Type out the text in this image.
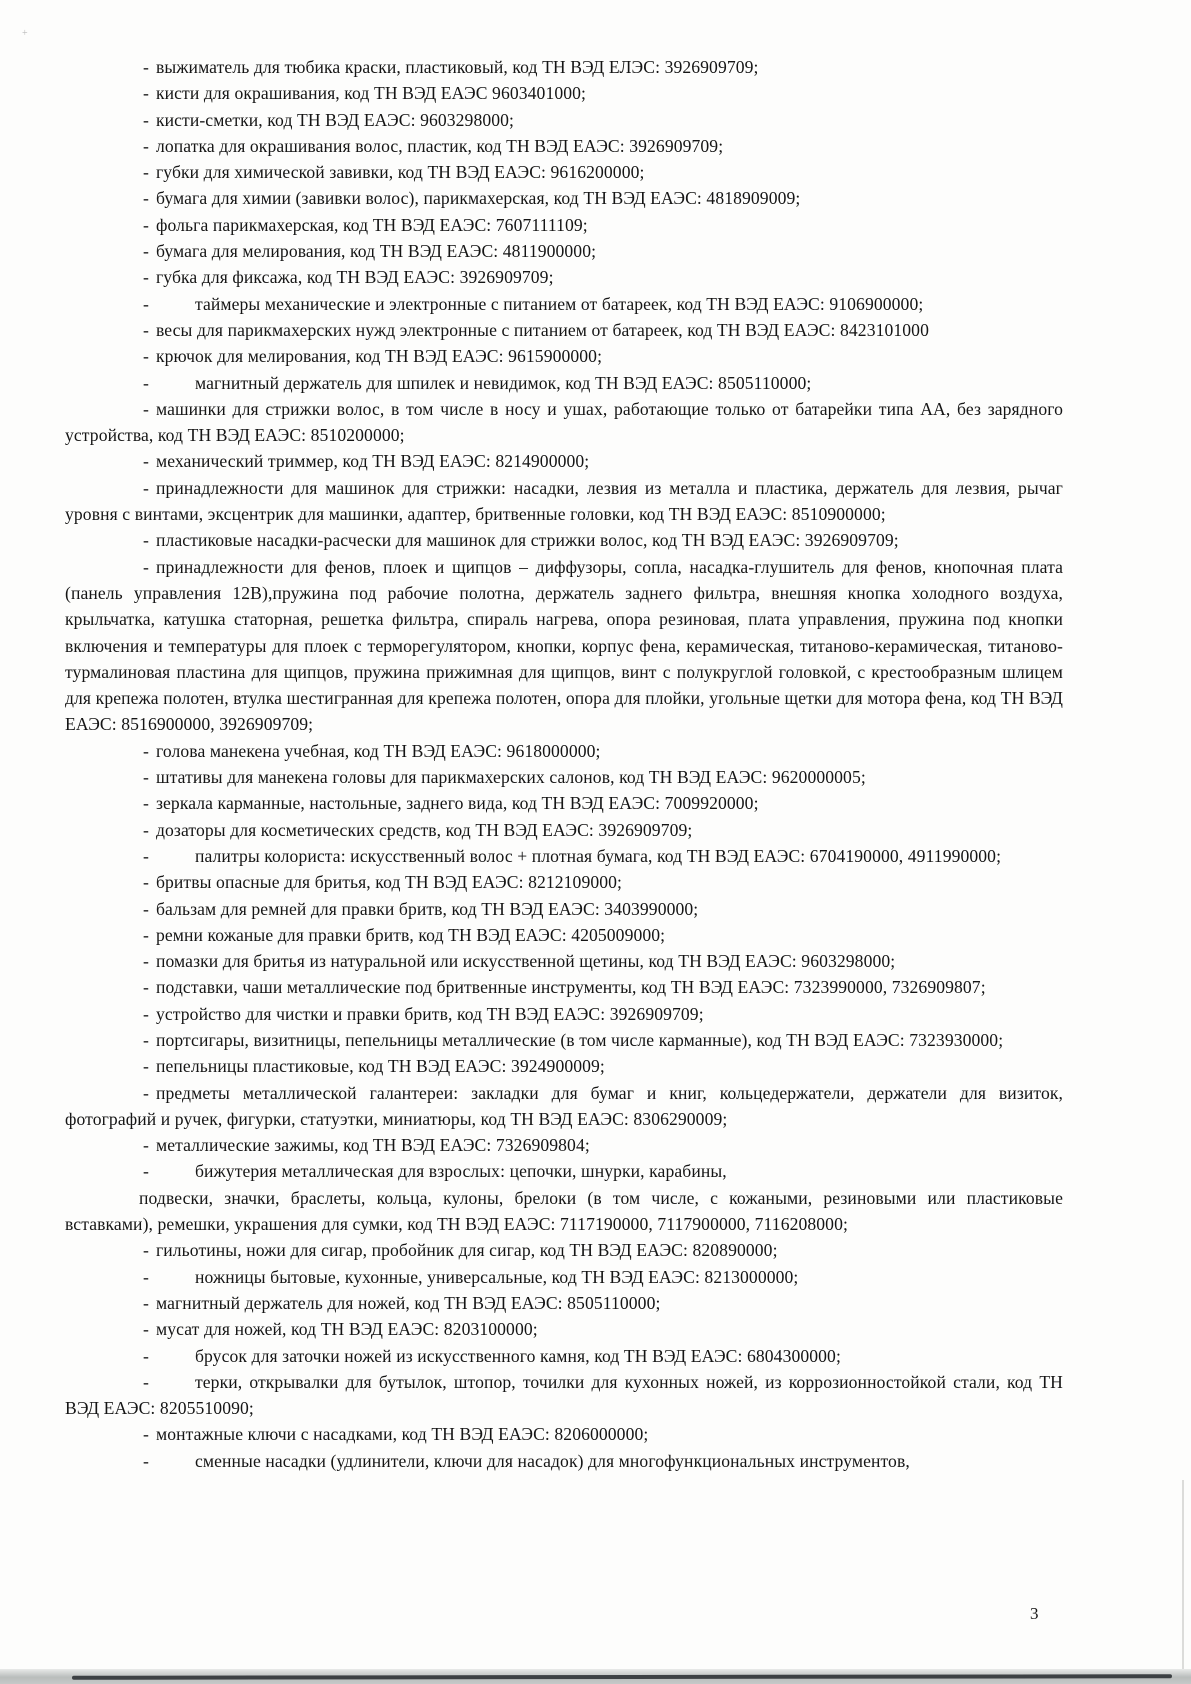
+

- выжиматель для тюбика краски, пластиковый, код ТН ВЭД ЕЛЭС: 3926909709;

- кисти для окрашивания, код ТН ВЭД ЕАЭС 9603401000;

- кисти-сметки, код ТН ВЭД ЕАЭС: 9603298000;

- лопатка для окрашивания волос, пластик, код ТН ВЭД ЕАЭС: 3926909709;

- губки для химической завивки, код ТН ВЭД ЕАЭС: 9616200000;

- бумага для химии (завивки волос), парикмахерская, код ТН ВЭД ЕАЭС: 4818909009;

- фольга парикмахерская, код ТН ВЭД ЕАЭС: 7607111109;

- бумага для мелирования, код ТН ВЭД ЕАЭС: 4811900000;

- губка для фиксажа, код ТН ВЭД ЕАЭС: 3926909709;

-	таймеры механические и электронные с питанием от батареек, код ТН ВЭД ЕАЭС: 9106900000;

- весы для парикмахерских нужд электронные с питанием от батареек, код ТН ВЭД ЕАЭС: 8423101000

- крючок для мелирования, код ТН ВЭД ЕАЭС: 9615900000;

-	магнитный держатель для шпилек и невидимок, код ТН ВЭД ЕАЭС: 8505110000;

- машинки для стрижки волос, в том числе в носу и ушах, работающие только от батарейки типа АА, без зарядного устройства, код ТН ВЭД ЕАЭС: 8510200000;

- механический триммер, код ТН ВЭД ЕАЭС: 8214900000;

- принадлежности для машинок для стрижки: насадки, лезвия из металла и пластика, держатель для лезвия, рычаг уровня с винтами, эксцентрик для машинки, адаптер, бритвенные головки, код ТН ВЭД ЕАЭС: 8510900000;

- пластиковые насадки-расчески для машинок для стрижки волос, код ТН ВЭД ЕАЭС: 3926909709;

- принадлежности для фенов, плоек и щипцов – диффузоры, сопла, насадка-глушитель для фенов, кнопочная плата (панель управления 12В),пружина под рабочие полотна, держатель заднего фильтра, внешняя кнопка холодного воздуха, крыльчатка, катушка статорная, решетка фильтра, спираль нагрева, опора резиновая, плата управления, пружина под кнопки включения и температуры для плоек с терморегулятором, кнопки, корпус фена, керамическая, титаново-керамическая, титаново-турмалиновая пластина для щипцов, пружина прижимная для щипцов, винт с полукруглой головкой, с крестообразным шлицем для крепежа полотен, втулка шестигранная для крепежа полотен, опора для плойки, угольные щетки для мотора фена, код ТН ВЭД ЕАЭС: 8516900000, 3926909709;

- голова манекена учебная, код ТН ВЭД ЕАЭС: 9618000000;

- штативы для манекена головы для парикмахерских салонов, код ТН ВЭД ЕАЭС: 9620000005;

- зеркала карманные, настольные, заднего вида, код ТН ВЭД ЕАЭС: 7009920000;

- дозаторы для косметических средств, код ТН ВЭД ЕАЭС: 3926909709;

-	палитры колориста: искусственный волос + плотная бумага, код ТН ВЭД ЕАЭС: 6704190000, 4911990000;

- бритвы опасные для бритья, код ТН ВЭД ЕАЭС: 8212109000;

- бальзам для ремней для правки бритв, код ТН ВЭД ЕАЭС: 3403990000;

- ремни кожаные для правки бритв, код ТН ВЭД ЕАЭС: 4205009000;

- помазки для бритья из натуральной или искусственной щетины, код ТН ВЭД ЕАЭС: 9603298000;

- подставки, чаши металлические под бритвенные инструменты, код ТН ВЭД ЕАЭС: 7323990000, 7326909807;

- устройство для чистки и правки бритв, код ТН ВЭД ЕАЭС: 3926909709;

- портсигары, визитницы, пепельницы металлические (в том числе карманные), код ТН ВЭД ЕАЭС: 7323930000;

- пепельницы пластиковые, код ТН ВЭД ЕАЭС: 3924900009;

- предметы металлической галантереи: закладки для бумаг и книг, кольцедержатели, держатели для визиток, фотографий и ручек, фигурки, статуэтки, миниатюры, код ТН ВЭД ЕАЭС: 8306290009;

- металлические зажимы, код ТН ВЭД ЕАЭС: 7326909804;

-	бижутерия металлическая для взрослых: цепочки, шнурки, карабины,

подвески, значки, браслеты, кольца, кулоны, брелоки (в том числе, с кожаными, резиновыми или пластиковые вставками), ремешки, украшения для сумки, код ТН ВЭД ЕАЭС: 7117190000, 7117900000, 7116208000;

- гильотины, ножи для сигар, пробойник для сигар, код ТН ВЭД ЕАЭС: 820890000;

-	ножницы бытовые, кухонные, универсальные, код ТН ВЭД ЕАЭС: 8213000000;

- магнитный держатель для ножей, код ТН ВЭД ЕАЭС: 8505110000;

- мусат для ножей, код ТН ВЭД ЕАЭС: 8203100000;

-	брусок для заточки ножей из искусственного камня, код ТН ВЭД ЕАЭС: 6804300000;

-	терки, открывалки для бутылок, штопор, точилки для кухонных ножей, из коррозионностойкой стали, код ТН ВЭД ЕАЭС: 8205510090;

- монтажные ключи с насадками, код ТН ВЭД ЕАЭС: 8206000000;

-	сменные насадки (удлинители, ключи для насадок) для многофункциональных инструментов,

3
